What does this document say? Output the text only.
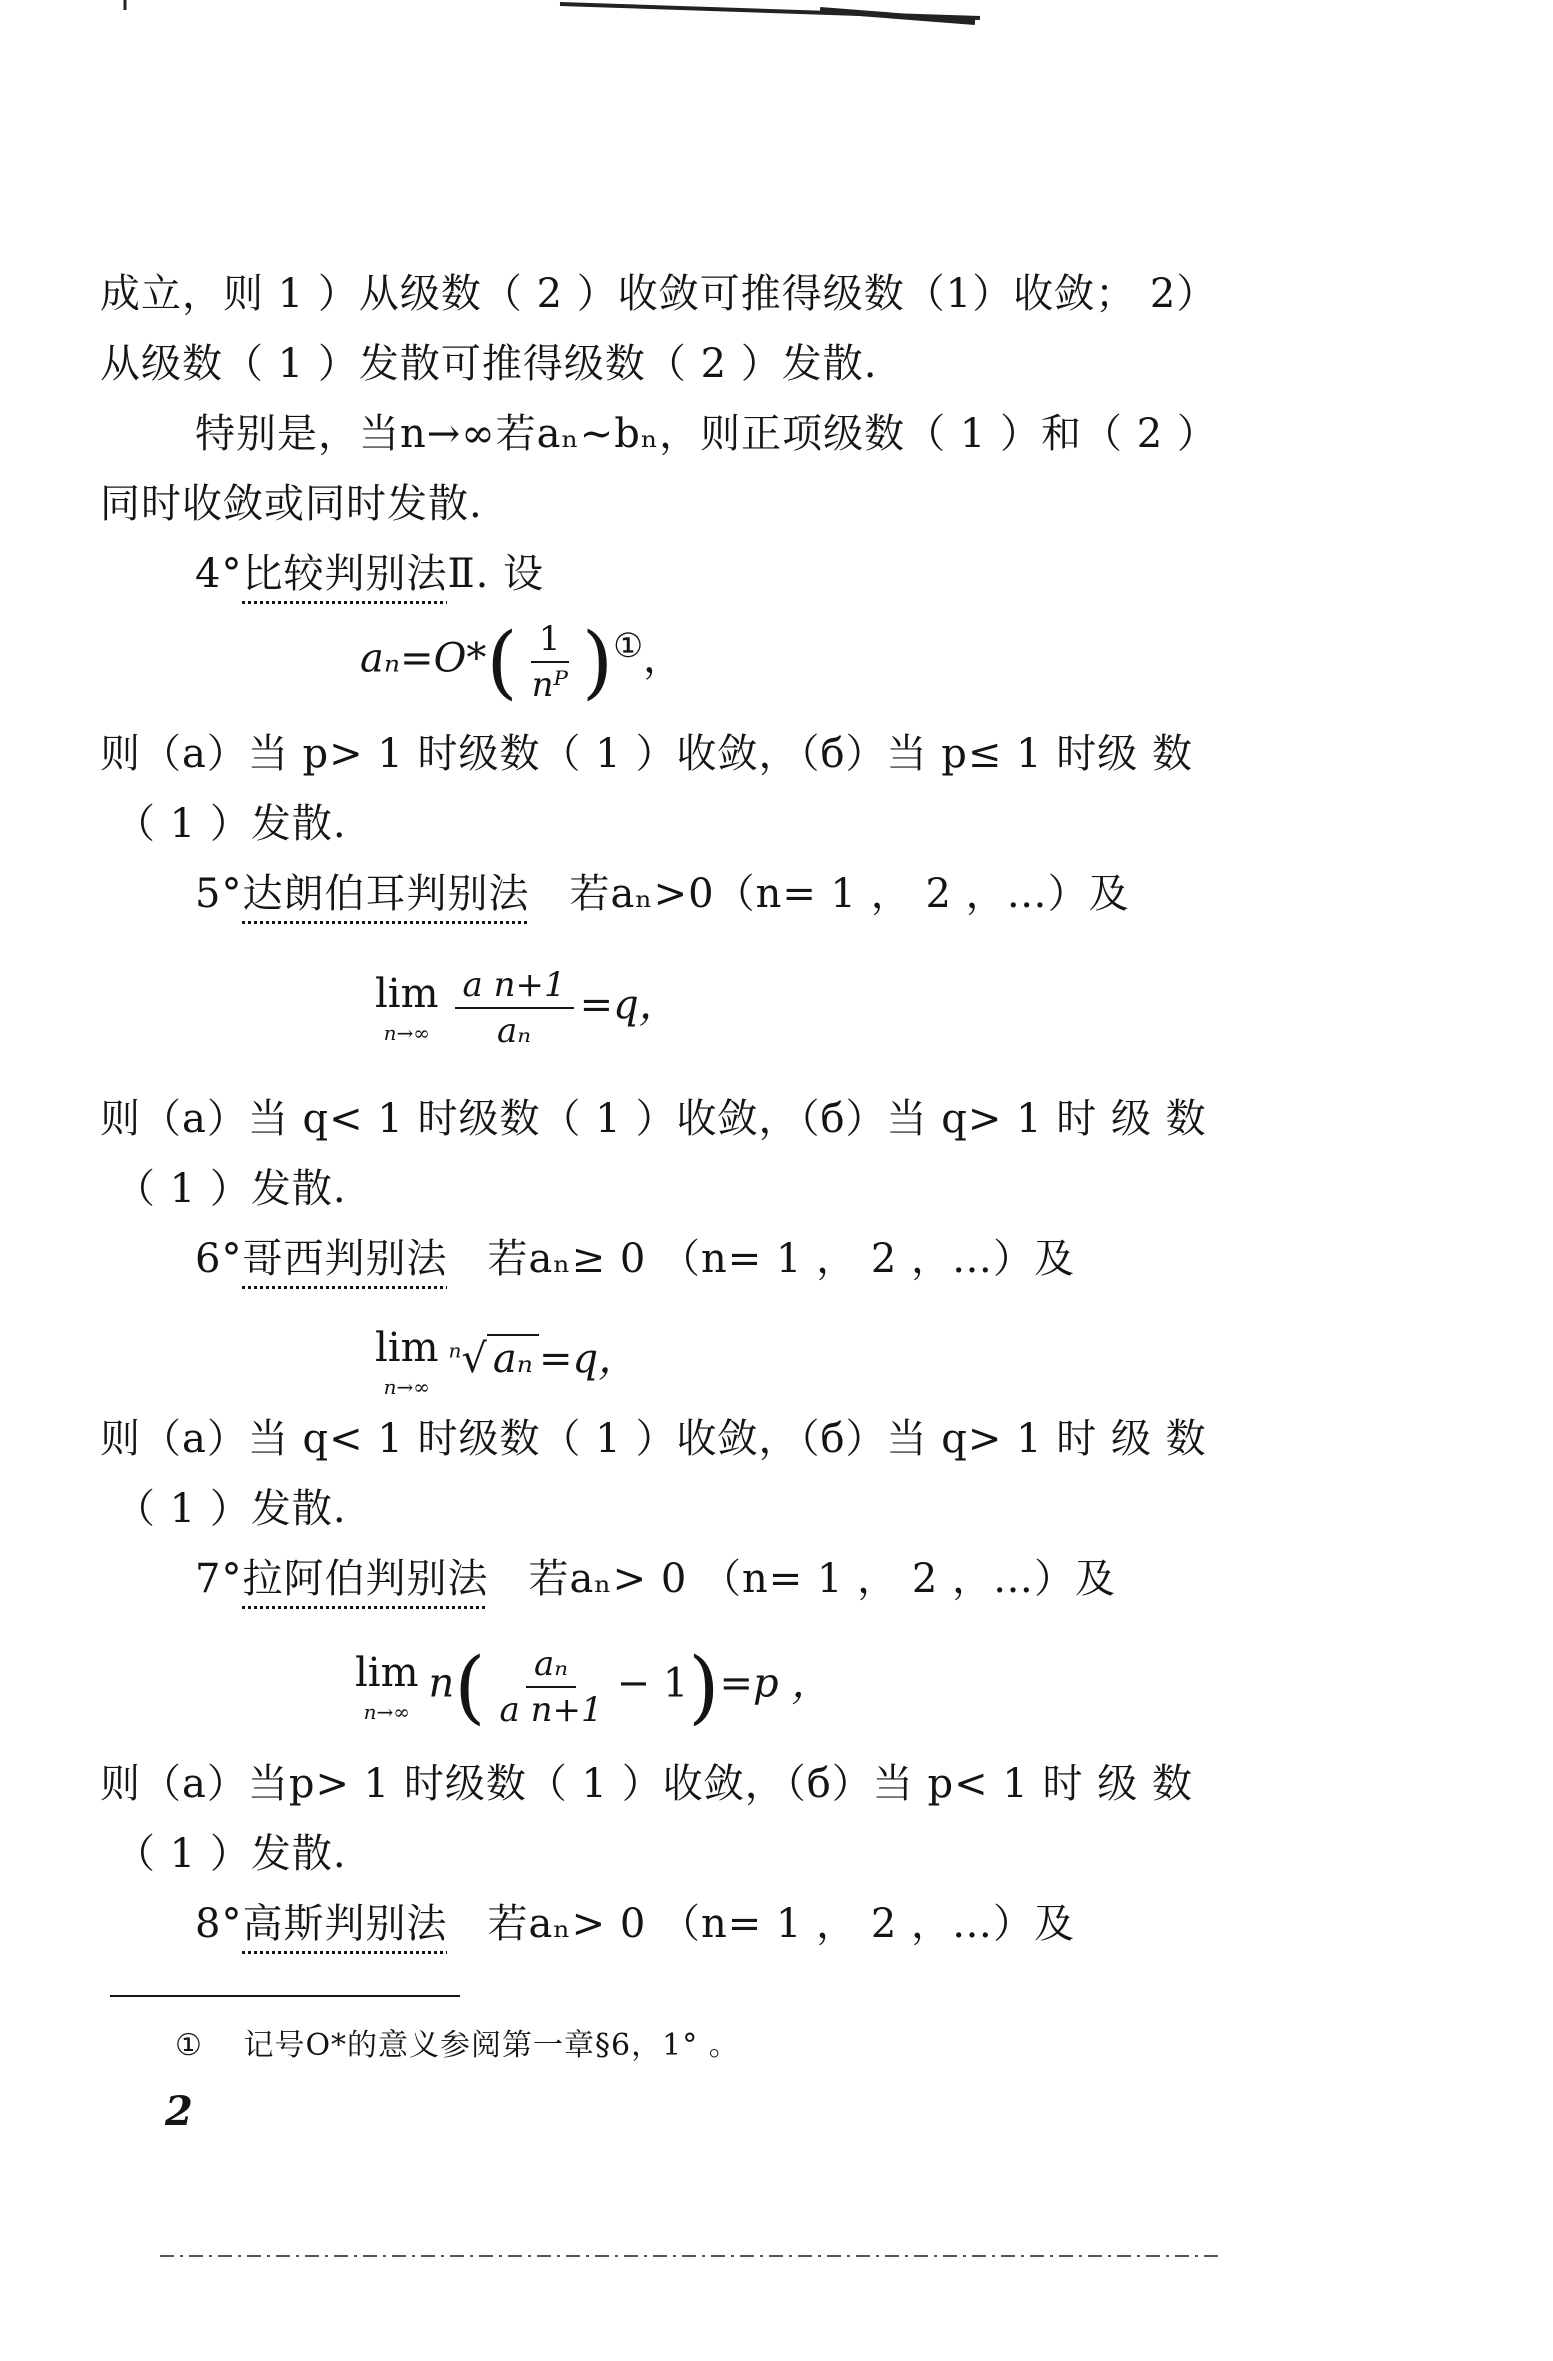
成立，则 1 ）从级数（ 2 ）收敛可推得级数（1）收敛； 2）
从级数（ 1 ）发散可推得级数（ 2 ）发散.
特别是，当n→∞若aₙ~bₙ，则正项级数（ 1 ）和（ 2 ）
同时收敛或同时发散.
4°比较判别法Ⅱ. 设
$a_n=O*( \frac{1}{\text{nᴾ}} )^①$，
则（a）当 p> 1 时级数（ 1 ）收敛，（б）当 p≤ 1 时级 数
（ 1 ）发散.
5°达朗伯耳判别法 若aₙ>0（n= 1 ， 2 ，…）及
lim
$n\to\infty \frac{\text{a n+1}}{\text{aₙ}} =q$，
则（a）当 q< 1 时级数（ 1 ）收敛，（б）当 q> 1 时 级 数
（ 1 ）发散.
6°哥西判别法 若aₙ≥ 0 （n= 1 ， 2 ，…）及
lim
n→∞
$^n$√ aₙ =q，
则（a）当 q< 1 时级数（ 1 ）收敛，（б）当 q> 1 时 级 数
（ 1 ）发散.
7°拉阿伯判别法 若aₙ> 0 （n= 1 ， 2 ，…）及
lim
n→∞
$n( \frac{\text{aₙ}}{\text{a n+1}} - 1)=p$ ，
则（a）当p> 1 时级数（ 1 ）收敛，（б）当 p< 1 时 级 数
（ 1 ）发散.
8°高斯判别法 若aₙ> 0 （n= 1 ， 2 ，…）及
① 记号O*的意义参阅第一章§6，1° 。
2
